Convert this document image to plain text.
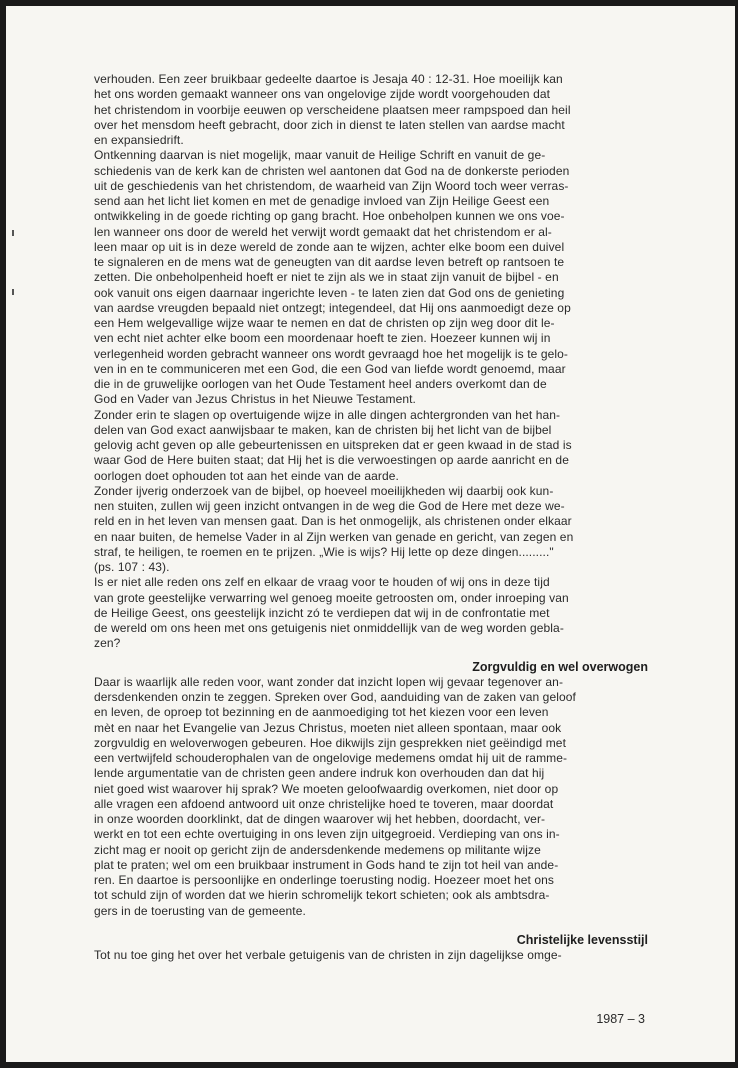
verhouden. Een zeer bruikbaar gedeelte daartoe is Jesaja 40 : 12-31. Hoe moeilijk kan
het ons worden gemaakt wanneer ons van ongelovige zijde wordt voorgehouden dat
het christendom in voorbije eeuwen op verscheidene plaatsen meer rampspoed dan heil
over het mensdom heeft gebracht, door zich in dienst te laten stellen van aardse macht
en expansiedrift.
Ontkenning daarvan is niet mogelijk, maar vanuit de Heilige Schrift en vanuit de ge-
schiedenis van de kerk kan de christen wel aantonen dat God na de donkerste perioden
uit de geschiedenis van het christendom, de waarheid van Zijn Woord toch weer verras-
send aan het licht liet komen en met de genadige invloed van Zijn Heilige Geest een
ontwikkeling in de goede richting op gang bracht. Hoe onbeholpen kunnen we ons voe-
len wanneer ons door de wereld het verwijt wordt gemaakt dat het christendom er al-
leen maar op uit is in deze wereld de zonde aan te wijzen, achter elke boom een duivel
te signaleren en de mens wat de geneugten van dit aardse leven betreft op rantsoen te
zetten. Die onbeholpenheid hoeft er niet te zijn als we in staat zijn vanuit de bijbel - en
ook vanuit ons eigen daarnaar ingerichte leven - te laten zien dat God ons de genieting
van aardse vreugden bepaald niet ontzegt; integendeel, dat Hij ons aanmoedigt deze op
een Hem welgevallige wijze waar te nemen en dat de christen op zijn weg door dit le-
ven echt niet achter elke boom een moordenaar hoeft te zien. Hoezeer kunnen wij in
verlegenheid worden gebracht wanneer ons wordt gevraagd hoe het mogelijk is te gelo-
ven in en te communiceren met een God, die een God van liefde wordt genoemd, maar
die in de gruwelijke oorlogen van het Oude Testament heel anders overkomt dan de
God en Vader van Jezus Christus in het Nieuwe Testament.
Zonder erin te slagen op overtuigende wijze in alle dingen achtergronden van het han-
delen van God exact aanwijsbaar te maken, kan de christen bij het licht van de bijbel
gelovig acht geven op alle gebeurtenissen en uitspreken dat er geen kwaad in de stad is
waar God de Here buiten staat; dat Hij het is die verwoestingen op aarde aanricht en de
oorlogen doet ophouden tot aan het einde van de aarde.
Zonder ijverig onderzoek van de bijbel, op hoeveel moeilijkheden wij daarbij ook kun-
nen stuiten, zullen wij geen inzicht ontvangen in de weg die God de Here met deze we-
reld en in het leven van mensen gaat. Dan is het onmogelijk, als christenen onder elkaar
en naar buiten, de hemelse Vader in al Zijn werken van genade en gericht, van zegen en
straf, te heiligen, te roemen en te prijzen. „Wie is wijs? Hij lette op deze dingen........."
(ps. 107 : 43).
Is er niet alle reden ons zelf en elkaar de vraag voor te houden of wij ons in deze tijd
van grote geestelijke verwarring wel genoeg moeite getroosten om, onder inroeping van
de Heilige Geest, ons geestelijk inzicht zó te verdiepen dat wij in de confrontatie met
de wereld om ons heen met ons getuigenis niet onmiddellijk van de weg worden gebla-
zen?
Zorgvuldig en wel overwogen
Daar is waarlijk alle reden voor, want zonder dat inzicht lopen wij gevaar tegenover an-
dersdenkenden onzin te zeggen. Spreken over God, aanduiding van de zaken van geloof
en leven, de oproep tot bezinning en de aanmoediging tot het kiezen voor een leven
mèt en naar het Evangelie van Jezus Christus, moeten niet alleen spontaan, maar ook
zorgvuldig en weloverwogen gebeuren. Hoe dikwijls zijn gesprekken niet geëindigd met
een vertwijfeld schouderophalen van de ongelovige medemens omdat hij uit de ramme-
lende argumentatie van de christen geen andere indruk kon overhouden dan dat hij
niet goed wist waarover hij sprak? We moeten geloofwaardig overkomen, niet door op
alle vragen een afdoend antwoord uit onze christelijke hoed te toveren, maar doordat
in onze woorden doorklinkt, dat de dingen waarover wij het hebben, doordacht, ver-
werkt en tot een echte overtuiging in ons leven zijn uitgegroeid. Verdieping van ons in-
zicht mag er nooit op gericht zijn de andersdenkende medemens op militante wijze
plat te praten; wel om een bruikbaar instrument in Gods hand te zijn tot heil van ande-
ren. En daartoe is persoonlijke en onderlinge toerusting nodig. Hoezeer moet het ons
tot schuld zijn of worden dat we hierin schromelijk tekort schieten; ook als ambtsdra-
gers in de toerusting van de gemeente.
Christelijke levensstijl
Tot nu toe ging het over het verbale getuigenis van de christen in zijn dagelijkse omge-
1987 – 3
